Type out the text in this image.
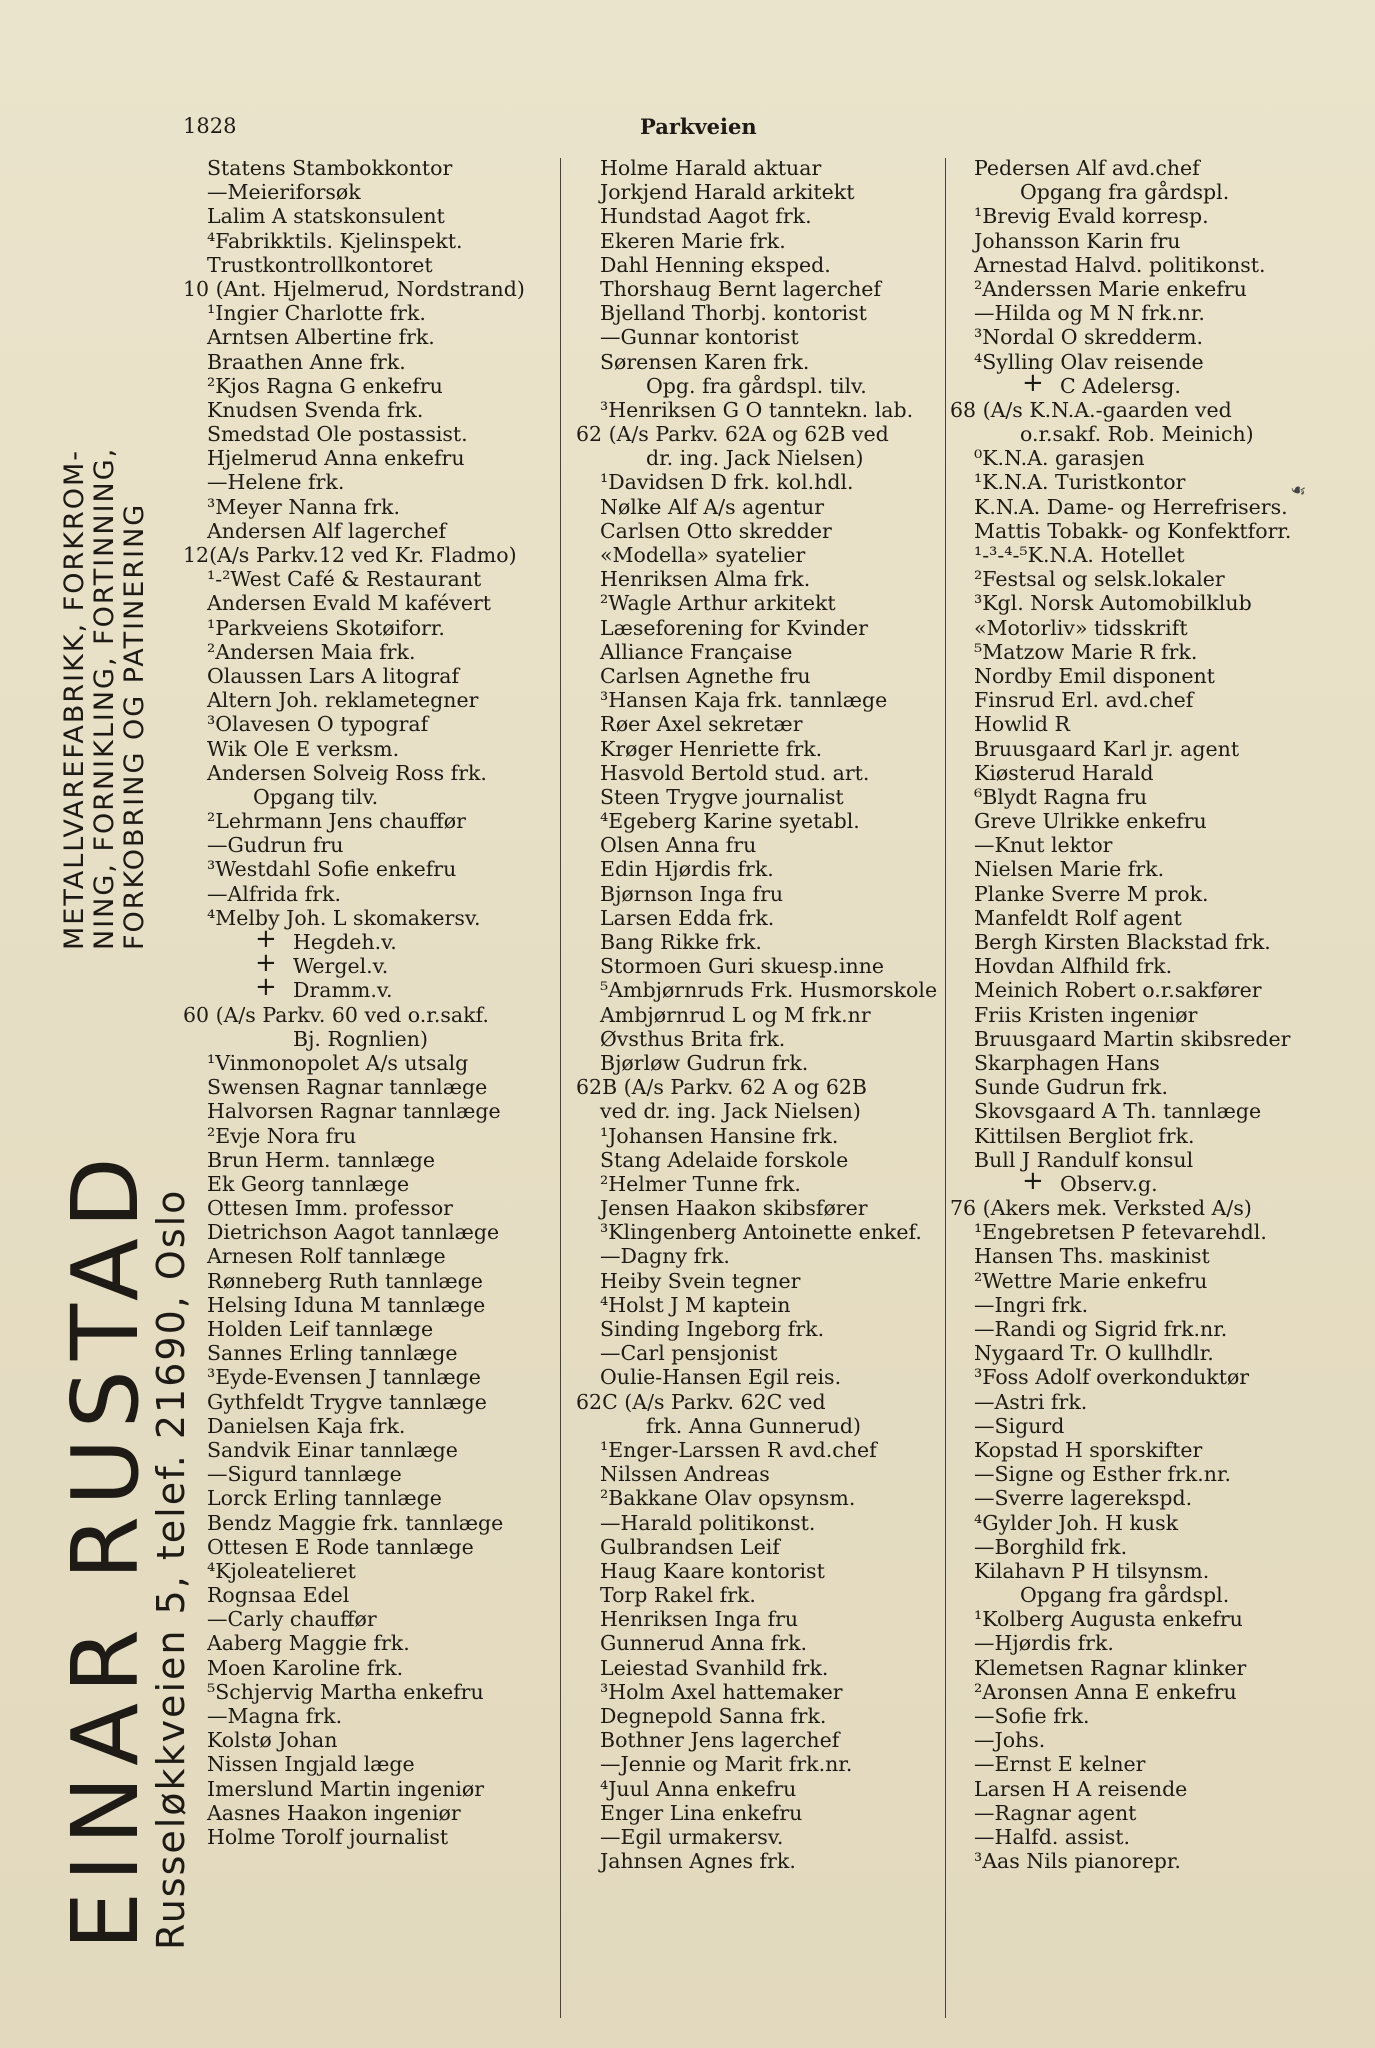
1828	Parkveien
EINAR RUSTAD
Russeløkkveien 5, telef. 21690, Oslo
METALLVAREFABRIKK, FORKROM- NING, FORNIKLING, FORTINNING, FORKOBRING OG PATINERING
Statens Stambokkontor
—Meieriforsøk
Lalim A statskonsulent
⁴Fabrikktils. Kjelinspekt.
Trustkontrollkontoret
10 (Ant. Hjelmerud, Nordstrand)
¹Ingier Charlotte frk.
Arntsen Albertine frk.
Braathen Anne frk.
²Kjos Ragna G enkefru
Knudsen Svenda frk.
Smedstad Ole postassist.
Hjelmerud Anna enkefru
—Helene frk.
³Meyer Nanna frk.
Andersen Alf lagerchef
12(A/s Parkv.12 ved Kr. Fladmo)
¹‑²West Café & Restaurant
Andersen Evald M kafévert
¹Parkveiens Skotøiforr.
²Andersen Maia frk.
Olaussen Lars A litograf
Altern Joh. reklametegner
³Olavesen O typograf
Wik Ole E verksm.
Andersen Solveig Ross frk.
Opgang tilv.
²Lehrmann Jens chauffør
—Gudrun fru
³Westdahl Sofie enkefru
—Alfrida frk.
⁴Melby Joh. L skomakersv.
+ Hegdeh.v.
+ Wergel.v.
+ Dramm.v.
60 (A/s Parkv. 60 ved o.r.sakf.
Bj. Rognlien)
¹Vinmonopolet A/s utsalg
Swensen Ragnar tannlæge
Halvorsen Ragnar tannlæge
²Evje Nora fru
Brun Herm. tannlæge
Ek Georg tannlæge
Ottesen Imm. professor
Dietrichson Aagot tannlæge
Arnesen Rolf tannlæge
Rønneberg Ruth tannlæge
Helsing Iduna M tannlæge
Holden Leif tannlæge
Sannes Erling tannlæge
³Eyde-Evensen J tannlæge
Gythfeldt Trygve tannlæge
Danielsen Kaja frk.
Sandvik Einar tannlæge
—Sigurd tannlæge
Lorck Erling tannlæge
Bendz Maggie frk. tannlæge
Ottesen E Rode tannlæge
⁴Kjoleatelieret
Rognsaa Edel
—Carly chauffør
Aaberg Maggie frk.
Moen Karoline frk.
⁵Schjervig Martha enkefru
—Magna frk.
Kolstø Johan
Nissen Ingjald læge
Imerslund Martin ingeniør
Aasnes Haakon ingeniør
Holme Torolf journalist
Holme Harald aktuar
Jorkjend Harald arkitekt
Hundstad Aagot frk.
Ekeren Marie frk.
Dahl Henning eksped.
Thorshaug Bernt lagerchef
Bjelland Thorbj. kontorist
—Gunnar kontorist
Sørensen Karen frk.
Opg. fra gårdspl. tilv.
³Henriksen G O tanntekn. lab.
62 (A/s Parkv. 62A og 62B ved
dr. ing. Jack Nielsen)
¹Davidsen D frk. kol.hdl.
Nølke Alf A/s agentur
Carlsen Otto skredder
«Modella» syatelier
Henriksen Alma frk.
²Wagle Arthur arkitekt
Læseforening for Kvinder
Alliance Française
Carlsen Agnethe fru
³Hansen Kaja frk. tannlæge
Røer Axel sekretær
Krøger Henriette frk.
Hasvold Bertold stud. art.
Steen Trygve journalist
⁴Egeberg Karine syetabl.
Olsen Anna fru
Edin Hjørdis frk.
Bjørnson Inga fru
Larsen Edda frk.
Bang Rikke frk.
Stormoen Guri skuesp.inne
⁵Ambjørnruds Frk. Husmorskole
Ambjørnrud L og M frk.nr
Øvsthus Brita frk.
Bjørløw Gudrun frk.
62B (A/s Parkv. 62 A og 62B
ved dr. ing. Jack Nielsen)
¹Johansen Hansine frk.
Stang Adelaide forskole
²Helmer Tunne frk.
Jensen Haakon skibsfører
³Klingenberg Antoinette enkef.
—Dagny frk.
Heiby Svein tegner
⁴Holst J M kaptein
Sinding Ingeborg frk.
—Carl pensjonist
Oulie-Hansen Egil reis.
62C (A/s Parkv. 62C ved
frk. Anna Gunnerud)
¹Enger-Larssen R avd.chef
Nilssen Andreas
²Bakkane Olav opsynsm.
—Harald politikonst.
Gulbrandsen Leif
Haug Kaare kontorist
Torp Rakel frk.
Henriksen Inga fru
Gunnerud Anna frk.
Leiestad Svanhild frk.
³Holm Axel hattemaker
Degnepold Sanna frk.
Bothner Jens lagerchef
—Jennie og Marit frk.nr.
⁴Juul Anna enkefru
Enger Lina enkefru
—Egil urmakersv.
Jahnsen Agnes frk.
Pedersen Alf avd.chef
Opgang fra gårdspl.
¹Brevig Evald korresp.
Johansson Karin fru
Arnestad Halvd. politikonst.
²Anderssen Marie enkefru
—Hilda og M N frk.nr.
³Nordal O skredderm.
⁴Sylling Olav reisende
+ C Adelersg.
68 (A/s K.N.A.-gaarden ved
o.r.sakf. Rob. Meinich)
⁰K.N.A. garasjen
¹K.N.A. Turistkontor
K.N.A. Dame- og Herrefrisers.
Mattis Tobakk- og Konfektforr.
¹‑³‑⁴‑⁵K.N.A. Hotellet
²Festsal og selsk.lokaler
³Kgl. Norsk Automobilklub
«Motorliv» tidsskrift
⁵Matzow Marie R frk.
Nordby Emil disponent
Finsrud Erl. avd.chef
Howlid R
Bruusgaard Karl jr. agent
Kiøsterud Harald
⁶Blydt Ragna fru
Greve Ulrikke enkefru
—Knut lektor
Nielsen Marie frk.
Planke Sverre M prok.
Manfeldt Rolf agent
Bergh Kirsten Blackstad frk.
Hovdan Alfhild frk.
Meinich Robert o.r.sakfører
Friis Kristen ingeniør
Bruusgaard Martin skibsreder
Skarphagen Hans
Sunde Gudrun frk.
Skovsgaard A Th. tannlæge
Kittilsen Bergliot frk.
Bull J Randulf konsul
+ Observ.g.
76 (Akers mek. Verksted A/s)
¹Engebretsen P fetevarehdl.
Hansen Ths. maskinist
²Wettre Marie enkefru
—Ingri frk.
—Randi og Sigrid frk.nr.
Nygaard Tr. O kullhdlr.
³Foss Adolf overkonduktør
—Astri frk.
—Sigurd
Kopstad H sporskifter
—Signe og Esther frk.nr.
—Sverre lagerekspd.
⁴Gylder Joh. H kusk
—Borghild frk.
Kilahavn P H tilsynsm.
Opgang fra gårdspl.
¹Kolberg Augusta enkefru
—Hjørdis frk.
Klemetsen Ragnar klinker
²Aronsen Anna E enkefru
—Sofie frk.
—Johs.
—Ernst E kelner
Larsen H A reisende
—Ragnar agent
—Halfd. assist.
³Aas Nils pianorepr.
☙
